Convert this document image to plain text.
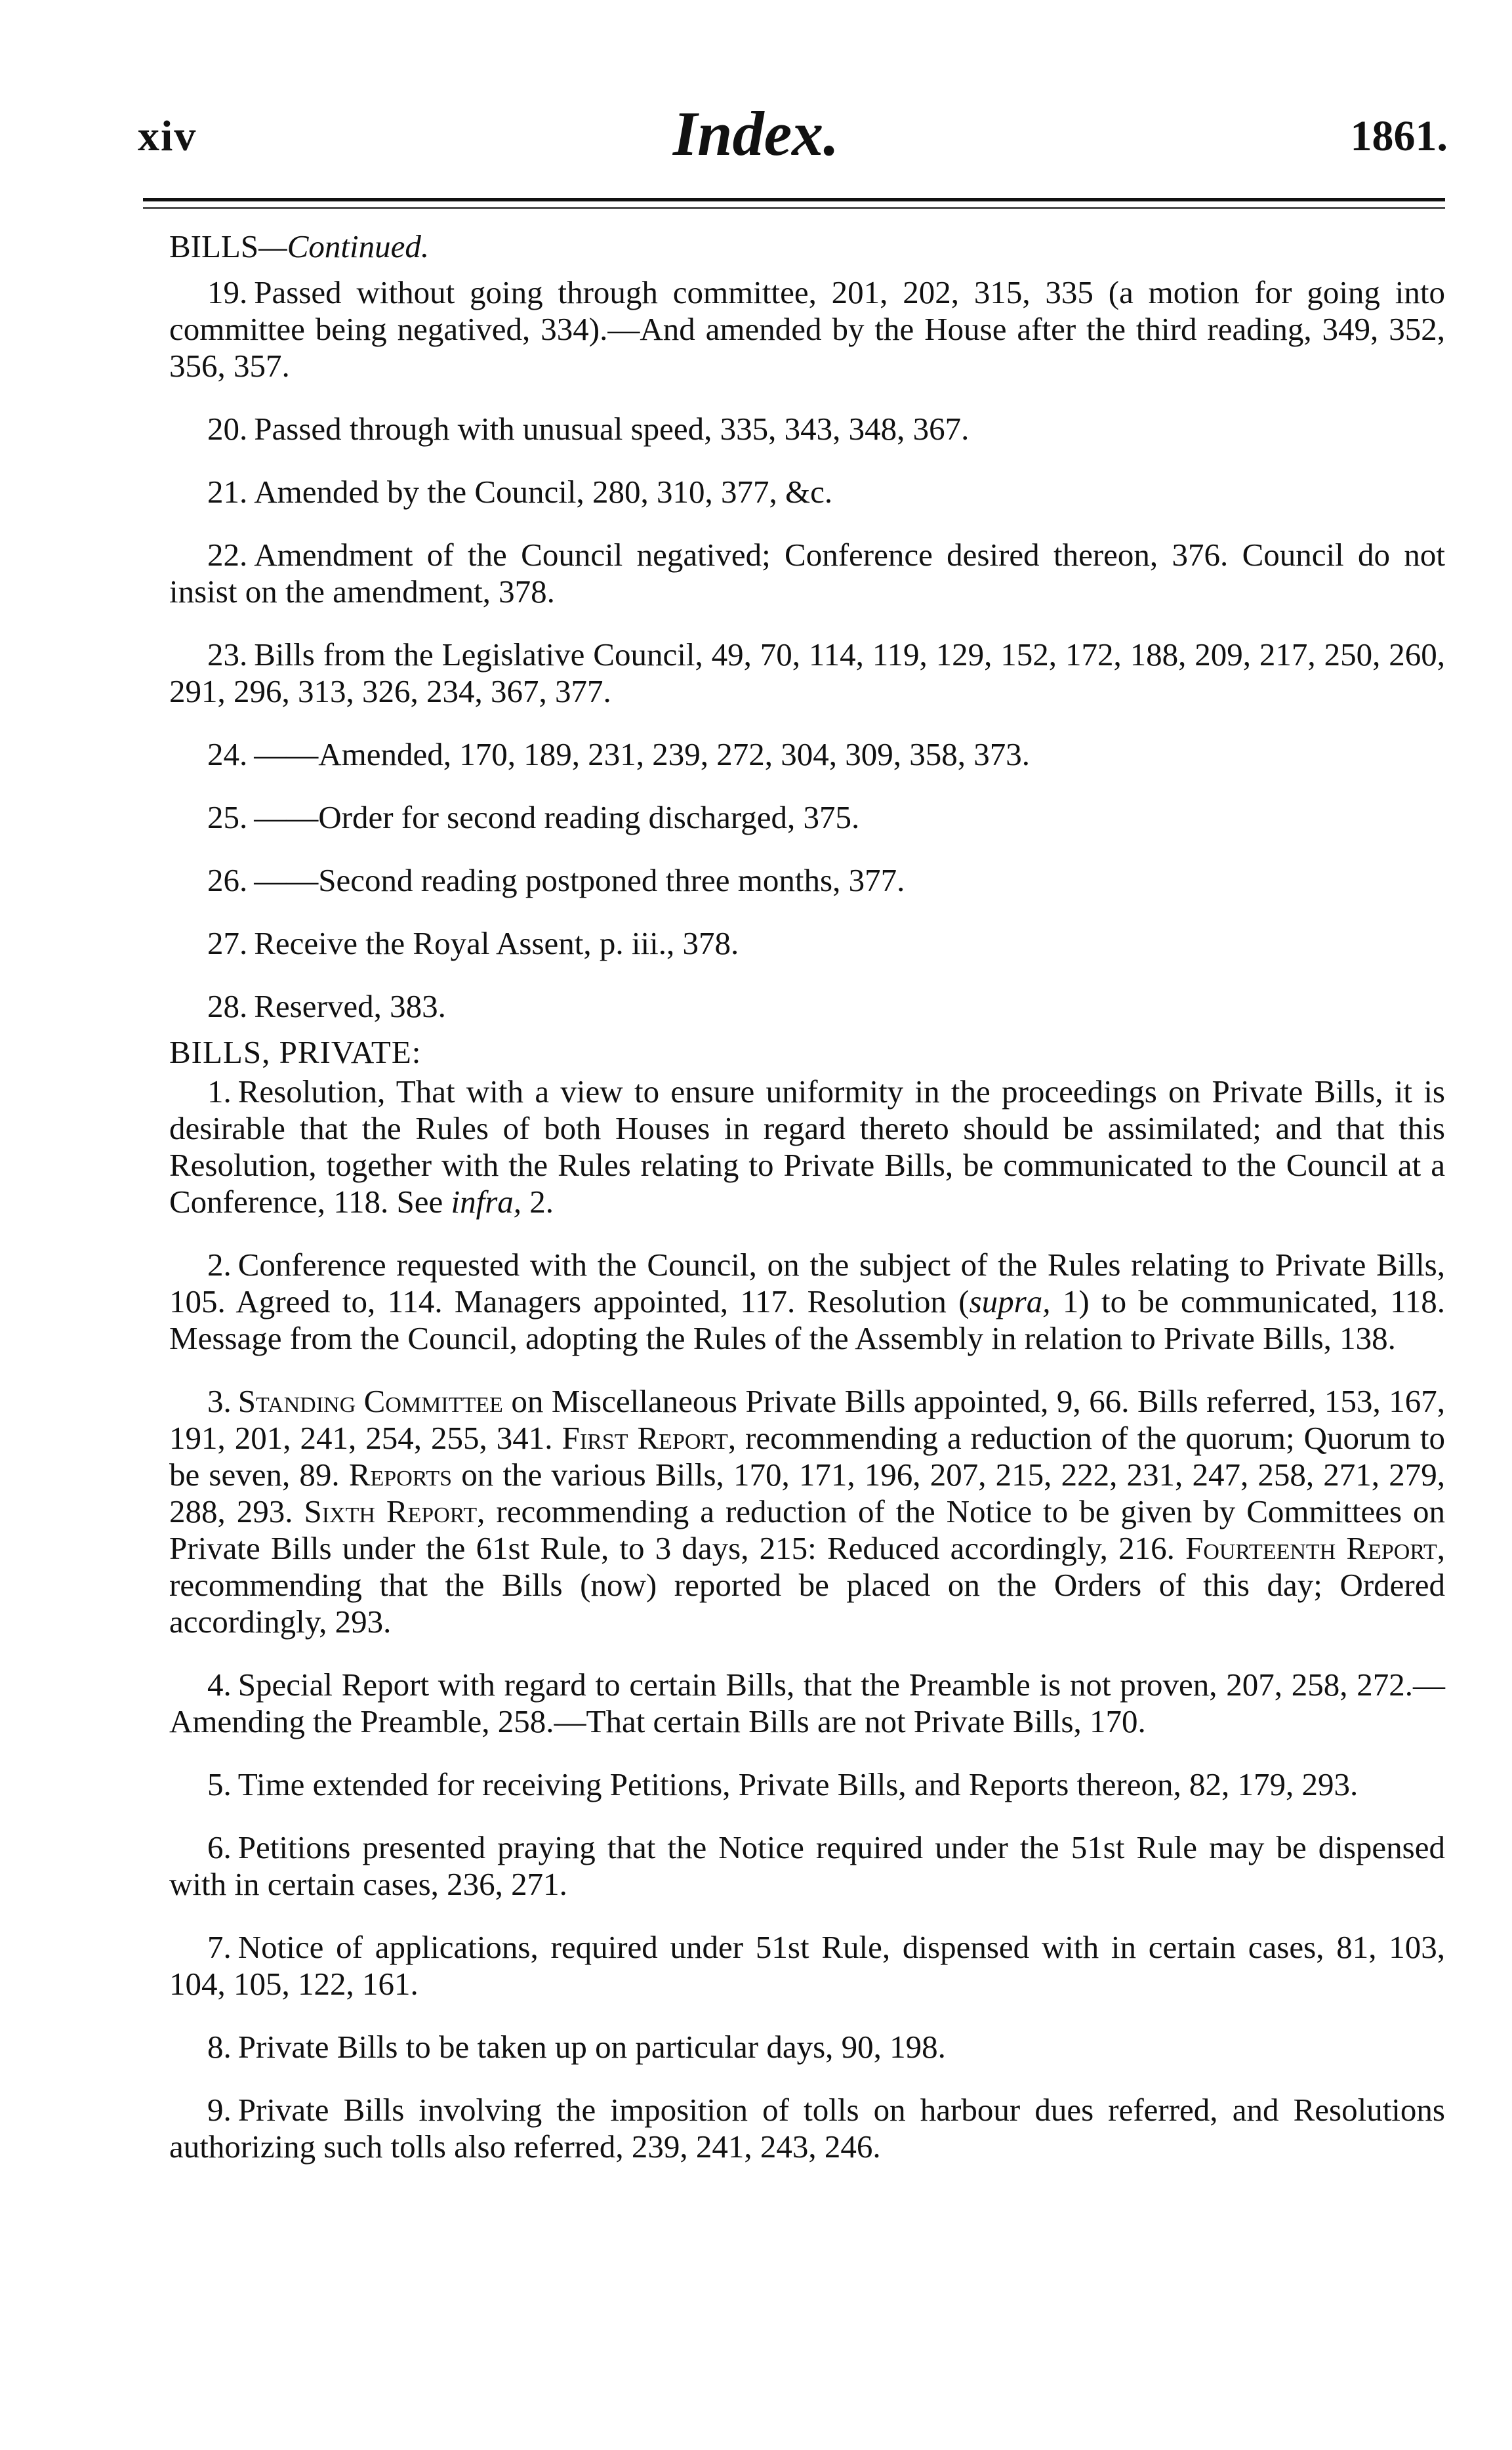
xiv	Index.	1861.

BILLS—Continued.

19. Passed without going through committee, 201, 202, 315, 335 (a motion for going into committee being negatived, 334).—And amended by the House after the third reading, 349, 352, 356, 357.

20. Passed through with unusual speed, 335, 343, 348, 367.

21. Amended by the Council, 280, 310, 377, &c.

22. Amendment of the Council negatived; Conference desired thereon, 376. Council do not insist on the amendment, 378.

23. Bills from the Legislative Council, 49, 70, 114, 119, 129, 152, 172, 188, 209, 217, 250, 260, 291, 296, 313, 326, 234, 367, 377.

24. ——Amended, 170, 189, 231, 239, 272, 304, 309, 358, 373.

25. ——Order for second reading discharged, 375.

26. ——Second reading postponed three months, 377.

27. Receive the Royal Assent, p. iii., 378.

28. Reserved, 383.

BILLS, PRIVATE:

1. Resolution, That with a view to ensure uniformity in the proceedings on Private Bills, it is desirable that the Rules of both Houses in regard thereto should be assimilated; and that this Resolution, together with the Rules relating to Private Bills, be communicated to the Council at a Conference, 118. See infra, 2.

2. Conference requested with the Council, on the subject of the Rules relating to Private Bills, 105. Agreed to, 114. Managers appointed, 117. Resolution (supra, 1) to be communicated, 118. Message from the Council, adopting the Rules of the Assembly in relation to Private Bills, 138.

3. Standing Committee on Miscellaneous Private Bills appointed, 9, 66. Bills referred, 153, 167, 191, 201, 241, 254, 255, 341. First Report, recommending a reduction of the quorum; Quorum to be seven, 89. Reports on the various Bills, 170, 171, 196, 207, 215, 222, 231, 247, 258, 271, 279, 288, 293. Sixth Report, recommending a reduction of the Notice to be given by Committees on Private Bills under the 61st Rule, to 3 days, 215: Reduced accordingly, 216. Fourteenth Report, recommending that the Bills (now) reported be placed on the Orders of this day; Ordered accordingly, 293.

4. Special Report with regard to certain Bills, that the Preamble is not proven, 207, 258, 272.—Amending the Preamble, 258.—That certain Bills are not Private Bills, 170.

5. Time extended for receiving Petitions, Private Bills, and Reports thereon, 82, 179, 293.

6. Petitions presented praying that the Notice required under the 51st Rule may be dispensed with in certain cases, 236, 271.

7. Notice of applications, required under 51st Rule, dispensed with in certain cases, 81, 103, 104, 105, 122, 161.

8. Private Bills to be taken up on particular days, 90, 198.

9. Private Bills involving the imposition of tolls on harbour dues referred, and Resolutions authorizing such tolls also referred, 239, 241, 243, 246.
